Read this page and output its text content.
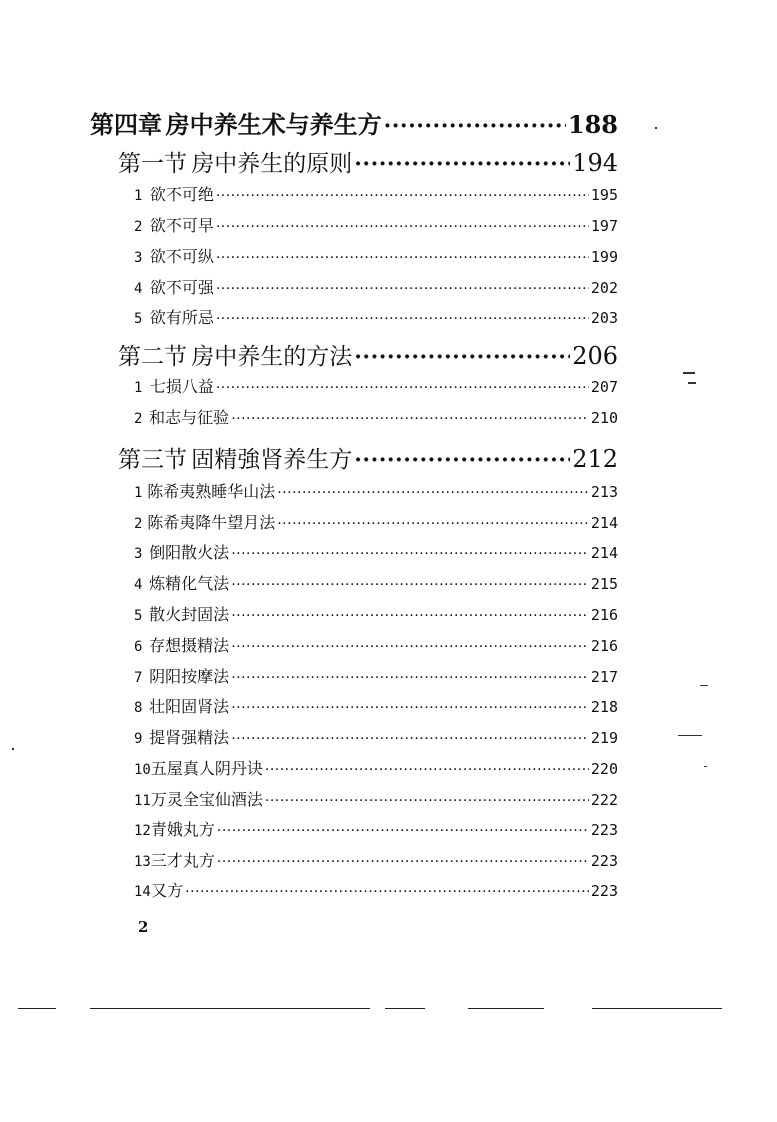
第四章 房中养生术与养生方 ·····	188
第一节 房中养生的原则 ·····	194
1 欲不可绝 ·····	195
2 欲不可早 ·····	197
3 欲不可纵 ·····	199
4 欲不可强 ·····	202
5 欲有所忌 ·····	203
第二节 房中养生的方法 ·····	206
1 七损八益 ·····	207
2 和志与征验 ·····	210
第三节 固精強肾养生方 ·····	212
1 陈希夷熟睡华山法 ·····	213
2 陈希夷降牛望月法 ·····	214
3 倒阳散火法 ·····	214
4 炼精化气法 ·····	215
5 散火封固法 ·····	216
6 存想摄精法 ·····	216
7 阴阳按摩法 ·····	217
8 壮阳固肾法 ·····	218
9 提肾强精法 ·····	219
10 五屋真人阴丹诀 ·····	220
11 万灵全宝仙酒法 ·····	222
12 青娥丸方 ·····	223
13 三才丸方 ·····	223
14 又方 ·····	223
2
